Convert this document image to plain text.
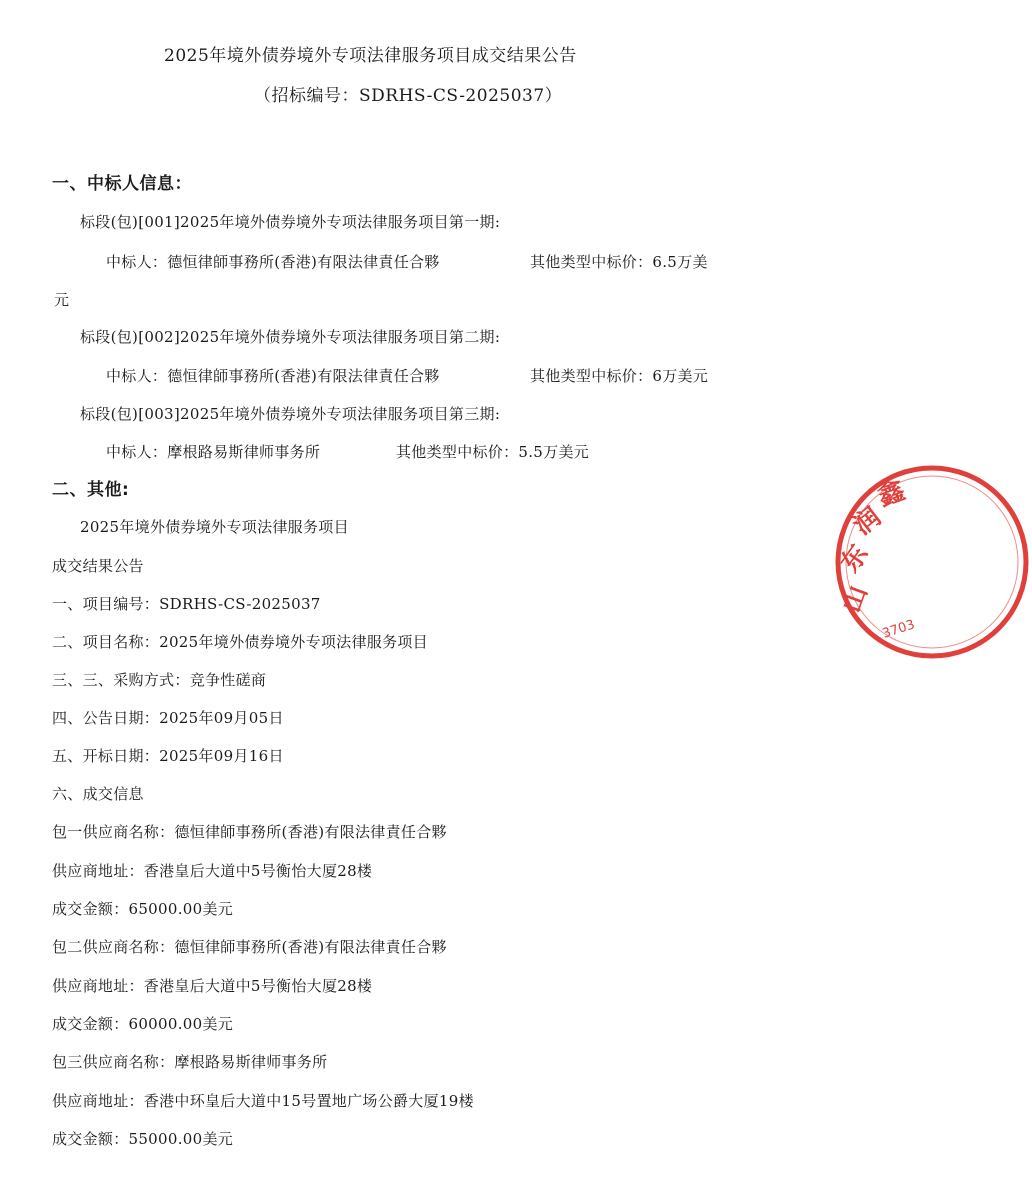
2025年境外债券境外专项法律服务项目成交结果公告
（招标编号：SDRHS-CS-2025037）
一、中标人信息：
标段(包)[001]2025年境外债券境外专项法律服务项目第一期:
中标人：德恒律師事務所(香港)有限法律責任合夥	其他类型中标价：6.5万美
元
标段(包)[002]2025年境外债券境外专项法律服务项目第二期:
中标人：德恒律師事務所(香港)有限法律責任合夥	其他类型中标价：6万美元
标段(包)[003]2025年境外债券境外专项法律服务项目第三期:
中标人：摩根路易斯律师事务所	其他类型中标价：5.5万美元
二、其他:
2025年境外债券境外专项法律服务项目
成交结果公告
一、项目编号：SDRHS-CS-2025037
二、项目名称：2025年境外债券境外专项法律服务项目
三、三、采购方式：竞争性磋商
四、公告日期：2025年09月05日
五、开标日期：2025年09月16日
六、成交信息
包一供应商名称：德恒律師事務所(香港)有限法律責任合夥
供应商地址：香港皇后大道中5号衡怡大厦28楼
成交金额：65000.00美元
包二供应商名称：德恒律師事務所(香港)有限法律責任合夥
供应商地址：香港皇后大道中5号衡怡大厦28楼
成交金额：60000.00美元
包三供应商名称：摩根路易斯律师事务所
供应商地址：香港中环皇后大道中15号置地广场公爵大厦19楼
成交金额：55000.00美元
山
东
润
鑫
3703
